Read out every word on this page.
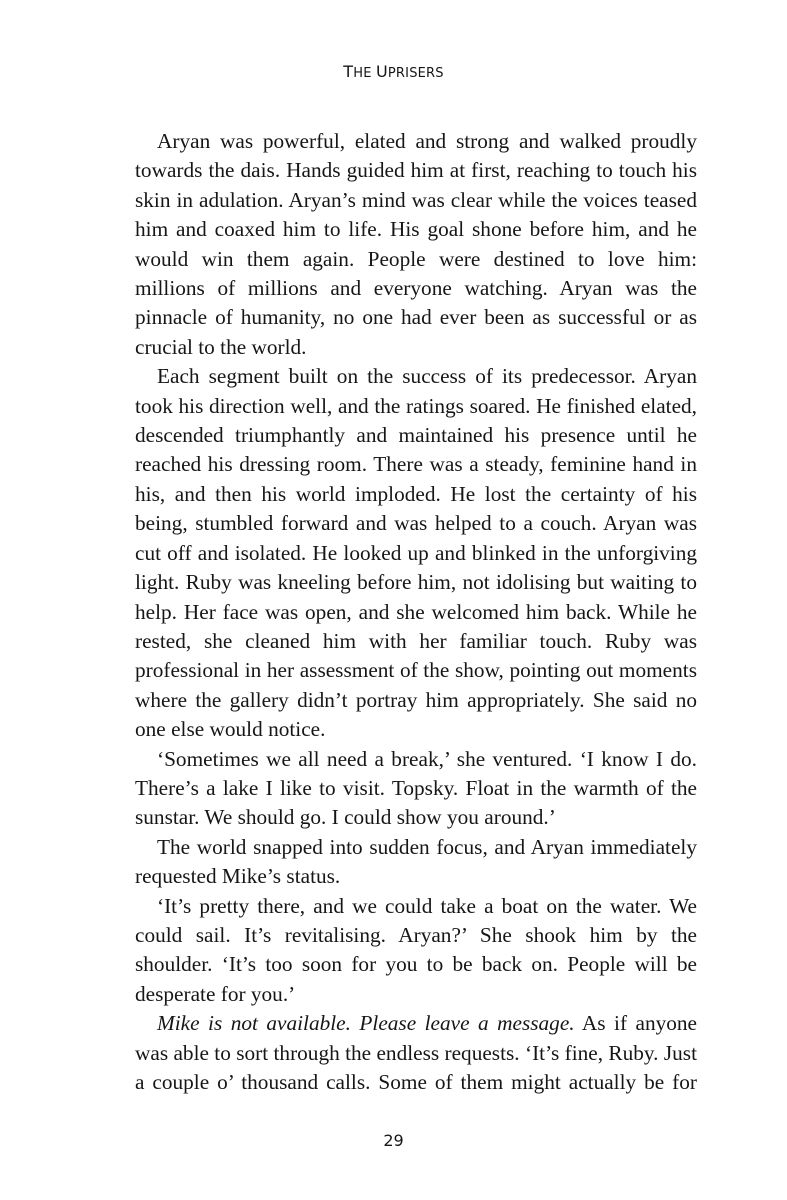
THE UPRISERS

Aryan was powerful, elated and strong and walked proudly towards the dais. Hands guided him at first, reaching to touch his skin in adulation. Aryan’s mind was clear while the voices teased him and coaxed him to life. His goal shone before him, and he would win them again. People were destined to love him: millions of millions and everyone watching. Aryan was the pinnacle of humanity, no one had ever been as successful or as crucial to the world.

Each segment built on the success of its predecessor. Aryan took his direction well, and the ratings soared. He finished elated, descended triumphantly and maintained his presence until he reached his dressing room. There was a steady, feminine hand in his, and then his world imploded. He lost the certainty of his being, stumbled forward and was helped to a couch. Aryan was cut off and isolated. He looked up and blinked in the unforgiving light. Ruby was kneeling before him, not idolising but waiting to help. Her face was open, and she welcomed him back. While he rested, she cleaned him with her familiar touch. Ruby was professional in her assessment of the show, pointing out moments where the gallery didn’t portray him appropriately. She said no one else would notice.

‘Sometimes we all need a break,’ she ventured. ‘I know I do. There’s a lake I like to visit. Topsky. Float in the warmth of the sunstar. We should go. I could show you around.’

The world snapped into sudden focus, and Aryan immediately requested Mike’s status.

‘It’s pretty there, and we could take a boat on the water. We could sail. It’s revitalising. Aryan?’ She shook him by the shoulder. ‘It’s too soon for you to be back on. People will be desperate for you.’

Mike is not available. Please leave a message. As if anyone was able to sort through the endless requests. ‘It’s fine, Ruby. Just a couple o’ thousand calls. Some of them might actually be for

29
